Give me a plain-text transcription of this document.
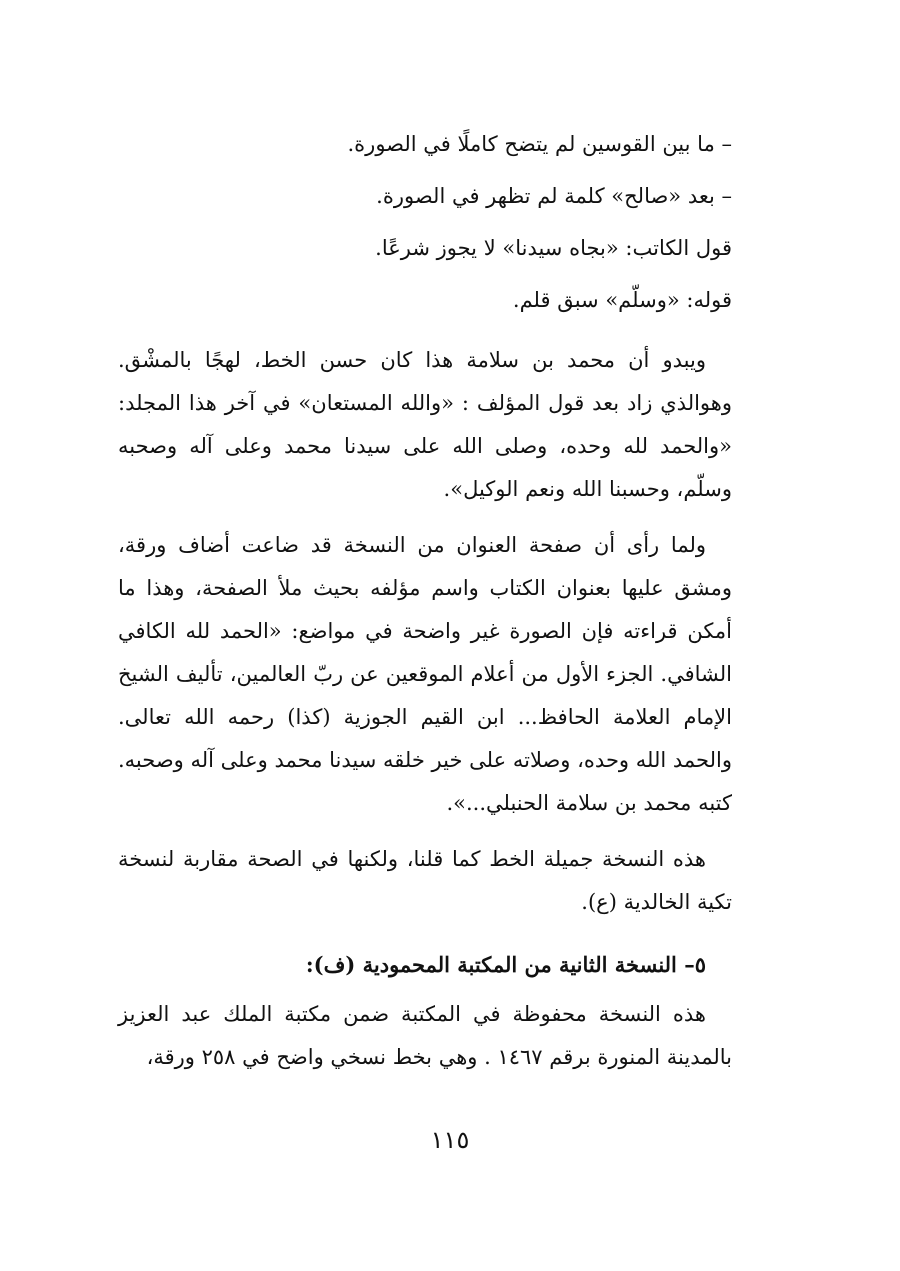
– ما بين القوسين لم يتضح كاملًا في الصورة.
– بعد «صالح» كلمة لم تظهر في الصورة.
قول الكاتب: «بجاه سيدنا» لا يجوز شرعًا.
قوله: «وسلّم» سبق قلم.

ويبدو أن محمد بن سلامة هذا كان حسن الخط، لهجًا بالمشْق. وهوالذي زاد بعد قول المؤلف : «والله المستعان» في آخر هذا المجلد: «والحمد لله وحده، وصلى الله على سيدنا محمد وعلى آله وصحبه وسلّم، وحسبنا الله ونعم الوكيل».

ولما رأى أن صفحة العنوان من النسخة قد ضاعت أضاف ورقة، ومشق عليها بعنوان الكتاب واسم مؤلفه بحيث ملأ الصفحة، وهذا ما أمكن قراءته فإن الصورة غير واضحة في مواضع: «الحمد لله الكافي الشافي. الجزء الأول من أعلام الموقعين عن ربّ العالمين، تأليف الشيخ الإمام العلامة الحافظ... ابن القيم الجوزية (كذا) رحمه الله تعالى. والحمد الله وحده، وصلاته على خير خلقه سيدنا محمد وعلى آله وصحبه. كتبه محمد بن سلامة الحنبلي...».

هذه النسخة جميلة الخط كما قلنا، ولكنها في الصحة مقاربة لنسخة تكية الخالدية (ع).

٥– النسخة الثانية من المكتبة المحمودية (ف):

هذه النسخة محفوظة في المكتبة ضمن مكتبة الملك عبد العزيز بالمدينة المنورة برقم ١٤٦٧ . وهي بخط نسخي واضح في ٢٥٨ ورقة،

١١٥
